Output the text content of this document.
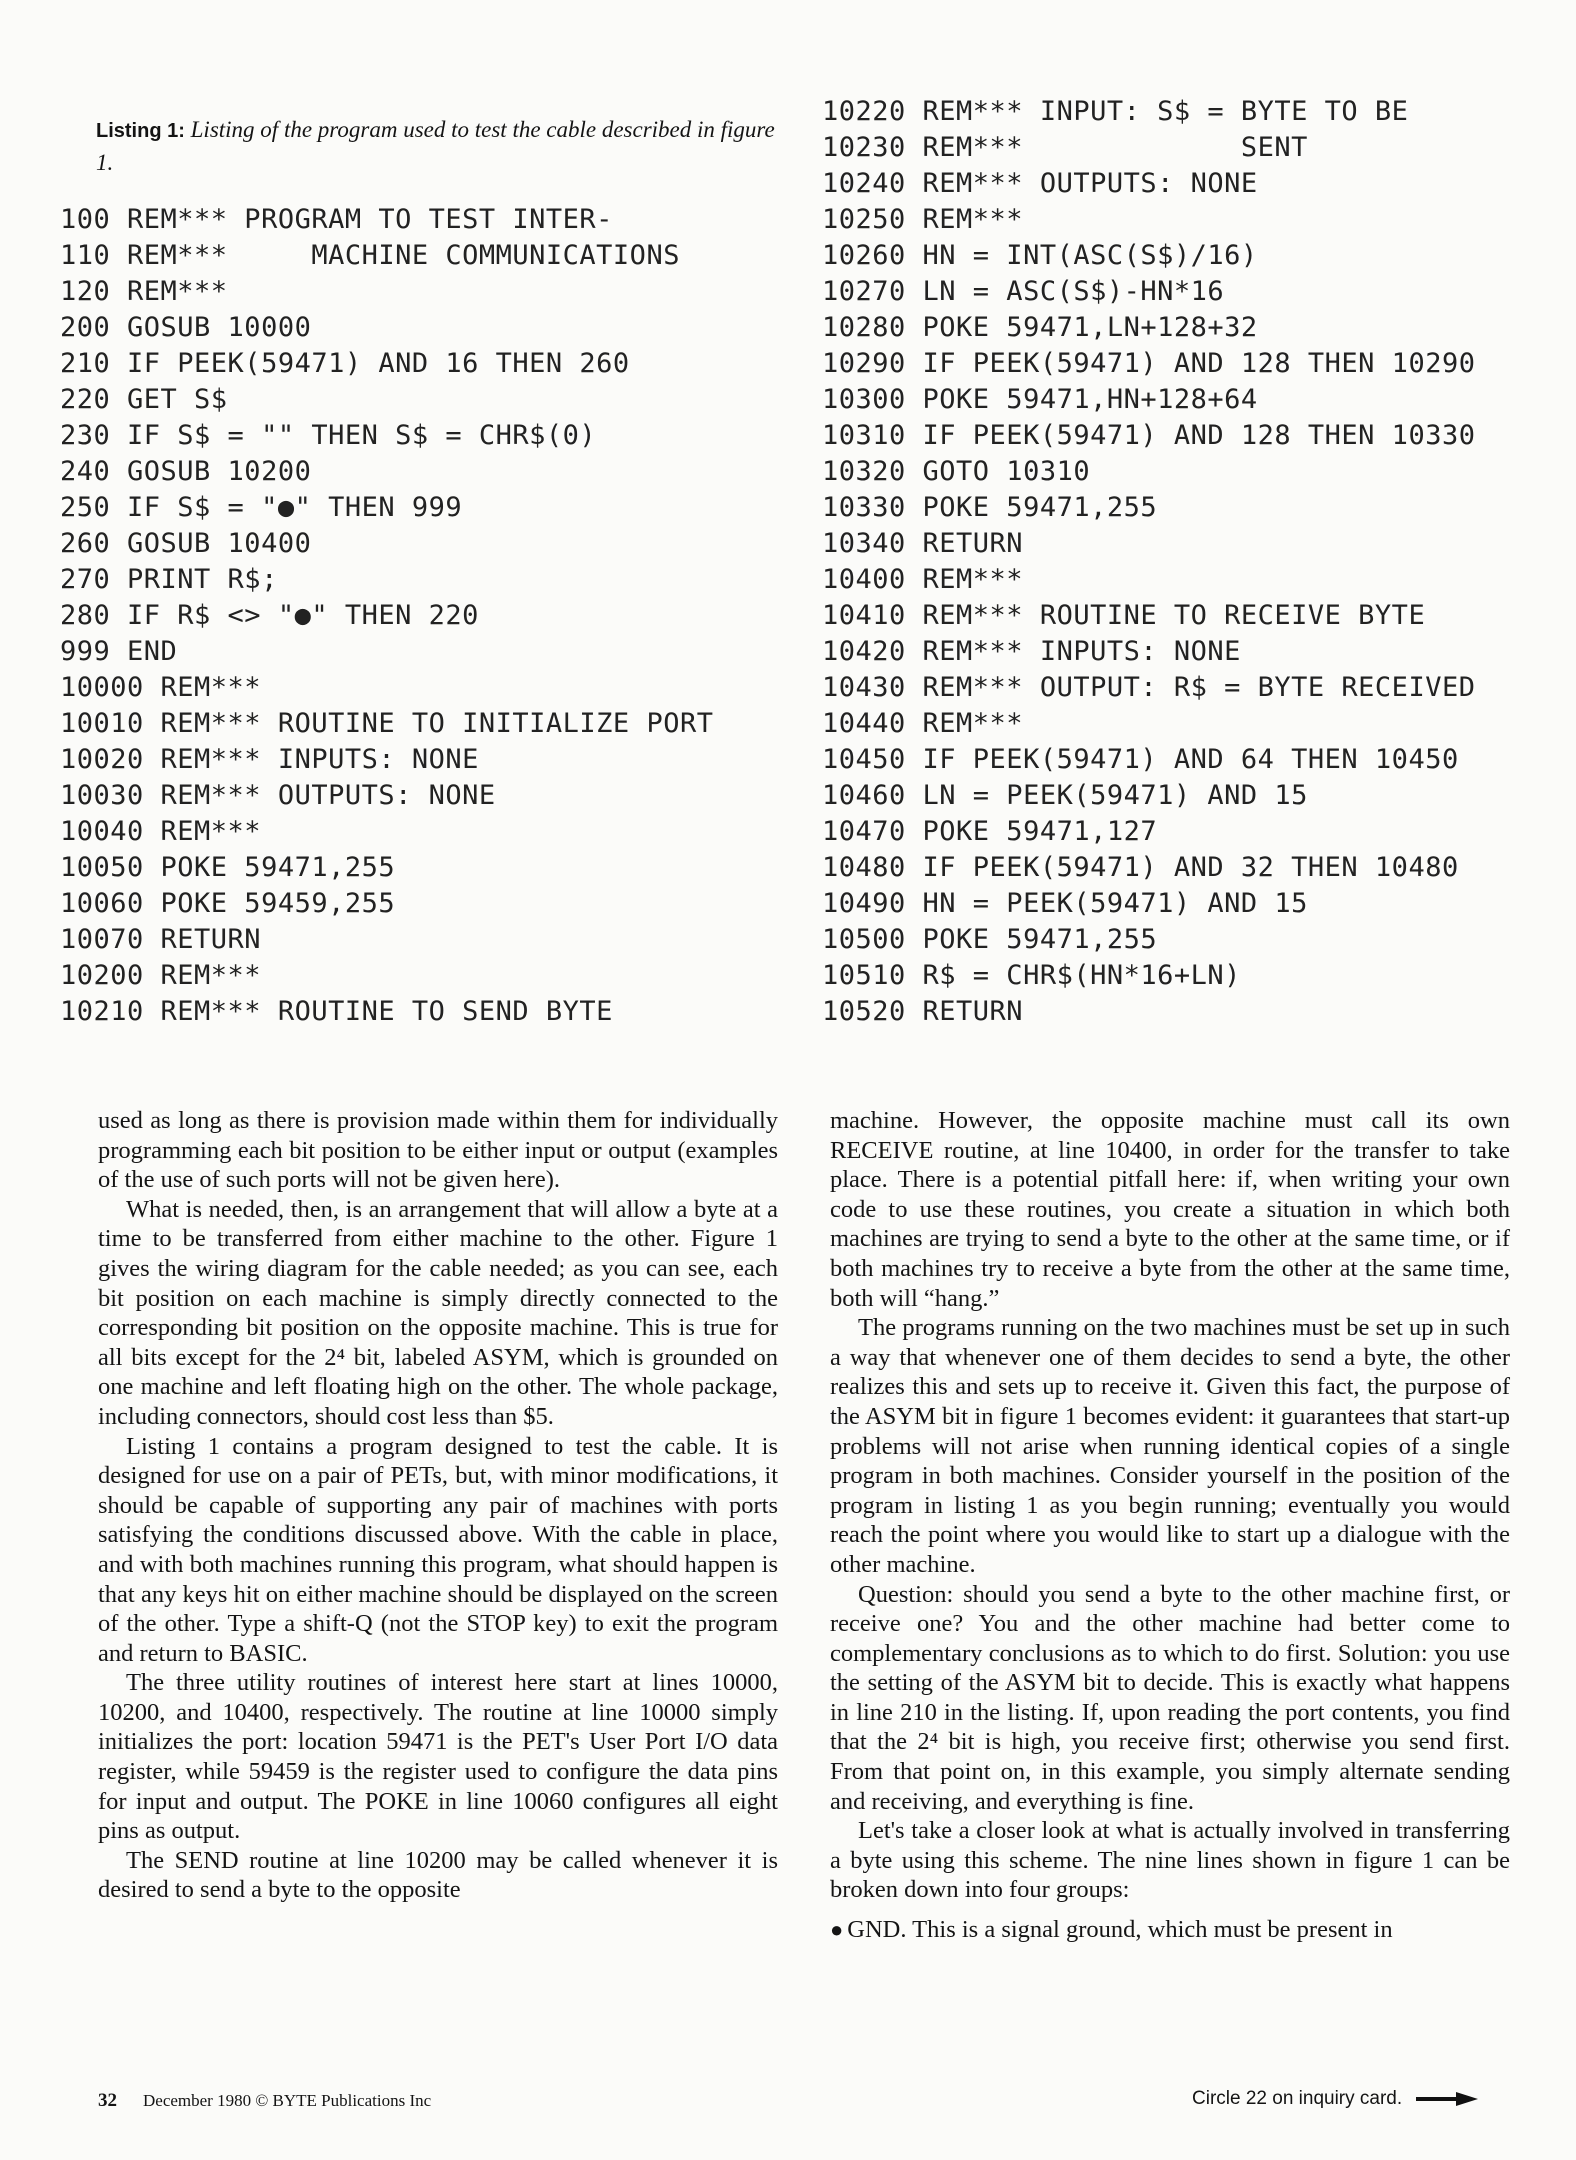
Listing 1: Listing of the program used to test the cable described in figure 1.
100 REM*** PROGRAM TO TEST INTER-
110 REM***     MACHINE COMMUNICATIONS
120 REM***
200 GOSUB 10000
210 IF PEEK(59471) AND 16 THEN 260
220 GET S$
230 IF S$ = "" THEN S$ = CHR$(0)
240 GOSUB 10200
250 IF S$ = "●" THEN 999
260 GOSUB 10400
270 PRINT R$;
280 IF R$ <> "●" THEN 220
999 END
10000 REM***
10010 REM*** ROUTINE TO INITIALIZE PORT
10020 REM*** INPUTS: NONE
10030 REM*** OUTPUTS: NONE
10040 REM***
10050 POKE 59471,255
10060 POKE 59459,255
10070 RETURN
10200 REM***
10210 REM*** ROUTINE TO SEND BYTE
10220 REM*** INPUT: S$ = BYTE TO BE
10230 REM***             SENT
10240 REM*** OUTPUTS: NONE
10250 REM***
10260 HN = INT(ASC(S$)/16)
10270 LN = ASC(S$)-HN*16
10280 POKE 59471,LN+128+32
10290 IF PEEK(59471) AND 128 THEN 10290
10300 POKE 59471,HN+128+64
10310 IF PEEK(59471) AND 128 THEN 10330
10320 GOTO 10310
10330 POKE 59471,255
10340 RETURN
10400 REM***
10410 REM*** ROUTINE TO RECEIVE BYTE
10420 REM*** INPUTS: NONE
10430 REM*** OUTPUT: R$ = BYTE RECEIVED
10440 REM***
10450 IF PEEK(59471) AND 64 THEN 10450
10460 LN = PEEK(59471) AND 15
10470 POKE 59471,127
10480 IF PEEK(59471) AND 32 THEN 10480
10490 HN = PEEK(59471) AND 15
10500 POKE 59471,255
10510 R$ = CHR$(HN*16+LN)
10520 RETURN

used as long as there is provision made within them for individually programming each bit position to be either input or output (examples of the use of such ports will not be given here).

What is needed, then, is an arrangement that will allow a byte at a time to be transferred from either machine to the other. Figure 1 gives the wiring diagram for the cable needed; as you can see, each bit position on each machine is simply directly connected to the corresponding bit position on the opposite machine. This is true for all bits except for the 2⁴ bit, labeled ASYM, which is grounded on one machine and left floating high on the other. The whole package, including connectors, should cost less than $5.

Listing 1 contains a program designed to test the cable. It is designed for use on a pair of PETs, but, with minor modifications, it should be capable of supporting any pair of machines with ports satisfying the conditions discussed above. With the cable in place, and with both machines running this program, what should happen is that any keys hit on either machine should be displayed on the screen of the other. Type a shift-Q (not the STOP key) to exit the program and return to BASIC.

The three utility routines of interest here start at lines 10000, 10200, and 10400, respectively. The routine at line 10000 simply initializes the port: location 59471 is the PET's User Port I/O data register, while 59459 is the register used to configure the data pins for input and output. The POKE in line 10060 configures all eight pins as output.

The SEND routine at line 10200 may be called whenever it is desired to send a byte to the opposite

machine. However, the opposite machine must call its own RECEIVE routine, at line 10400, in order for the transfer to take place. There is a potential pitfall here: if, when writing your own code to use these routines, you create a situation in which both machines are trying to send a byte to the other at the same time, or if both machines try to receive a byte from the other at the same time, both will “hang.”

The programs running on the two machines must be set up in such a way that whenever one of them decides to send a byte, the other realizes this and sets up to receive it. Given this fact, the purpose of the ASYM bit in figure 1 becomes evident: it guarantees that start-up problems will not arise when running identical copies of a single program in both machines. Consider yourself in the position of the program in listing 1 as you begin running; eventually you would reach the point where you would like to start up a dialogue with the other machine.

Question: should you send a byte to the other machine first, or receive one? You and the other machine had better come to complementary conclusions as to which to do first. Solution: you use the setting of the ASYM bit to decide. This is exactly what happens in line 210 in the listing. If, upon reading the port contents, you find that the 2⁴ bit is high, you receive first; otherwise you send first. From that point on, in this example, you simply alternate sending and receiving, and everything is fine.

Let's take a closer look at what is actually involved in transferring a byte using this scheme. The nine lines shown in figure 1 can be broken down into four groups:

● GND. This is a signal ground, which must be present in

32 December 1980 © BYTE Publications Inc	Circle 22 on inquiry card.
